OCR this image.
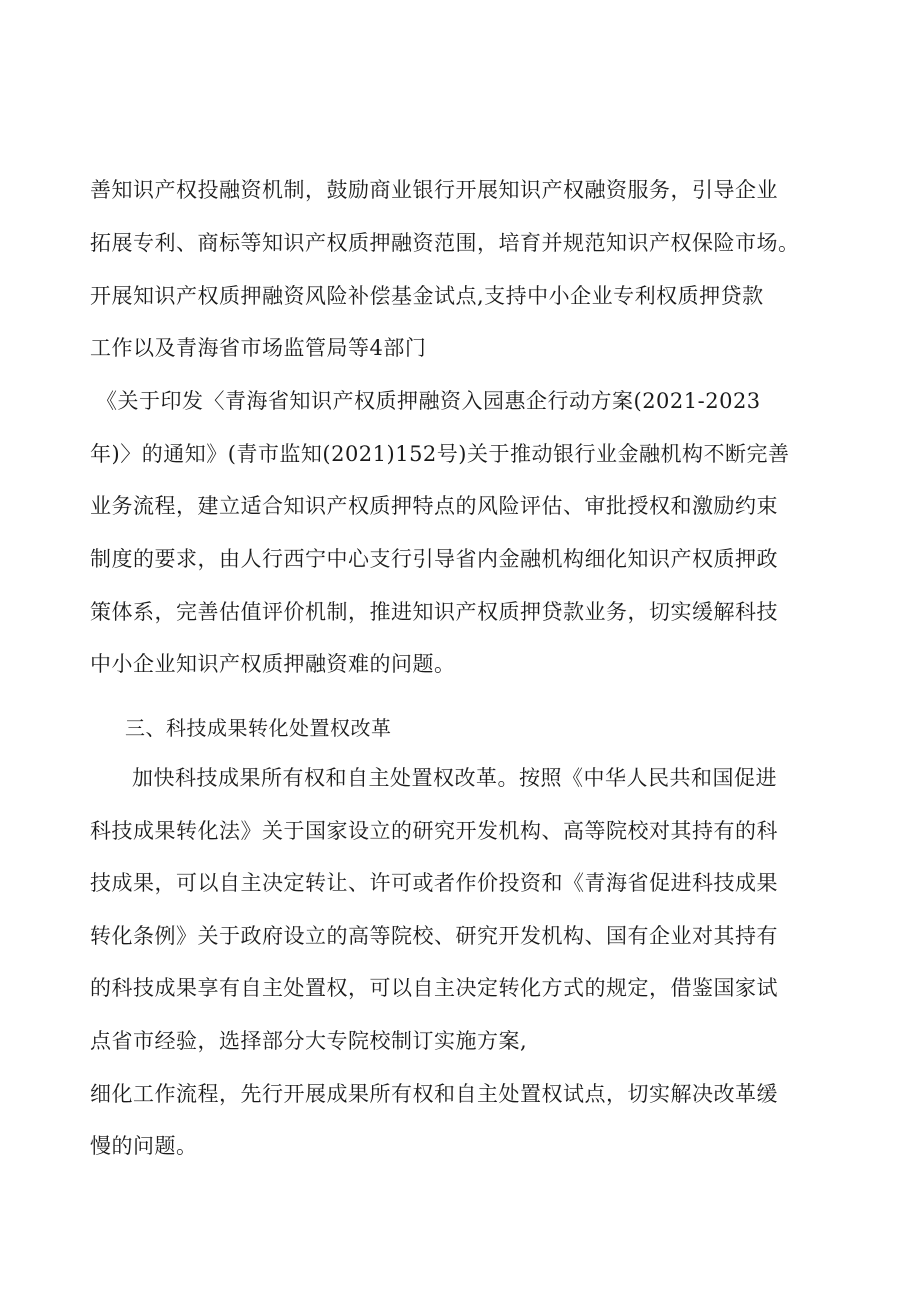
善知识产权投融资机制，鼓励商业银行开展知识产权融资服务，引导企业

拓展专利、商标等知识产权质押融资范围，培育并规范知识产权保险市场。

开展知识产权质押融资风险补偿基金试点,支持中小企业专利权质押贷款

工作以及青海省市场监管局等4部门

《关于印发〈青海省知识产权质押融资入园惠企行动方案(2021-2023

年)〉的通知》(青市监知(2021)152号)关于推动银行业金融机构不断完善

业务流程，建立适合知识产权质押特点的风险评估、审批授权和激励约束

制度的要求，由人行西宁中心支行引导省内金融机构细化知识产权质押政

策体系，完善估值评价机制，推进知识产权质押贷款业务，切实缓解科技

中小企业知识产权质押融资难的问题。

三、科技成果转化处置权改革

加快科技成果所有权和自主处置权改革。按照《中华人民共和国促进

科技成果转化法》关于国家设立的研究开发机构、高等院校对其持有的科

技成果，可以自主决定转让、许可或者作价投资和《青海省促进科技成果

转化条例》关于政府设立的高等院校、研究开发机构、国有企业对其持有

的科技成果享有自主处置权，可以自主决定转化方式的规定，借鉴国家试

点省市经验，选择部分大专院校制订实施方案,

细化工作流程，先行开展成果所有权和自主处置权试点，切实解决改革缓

慢的问题。
